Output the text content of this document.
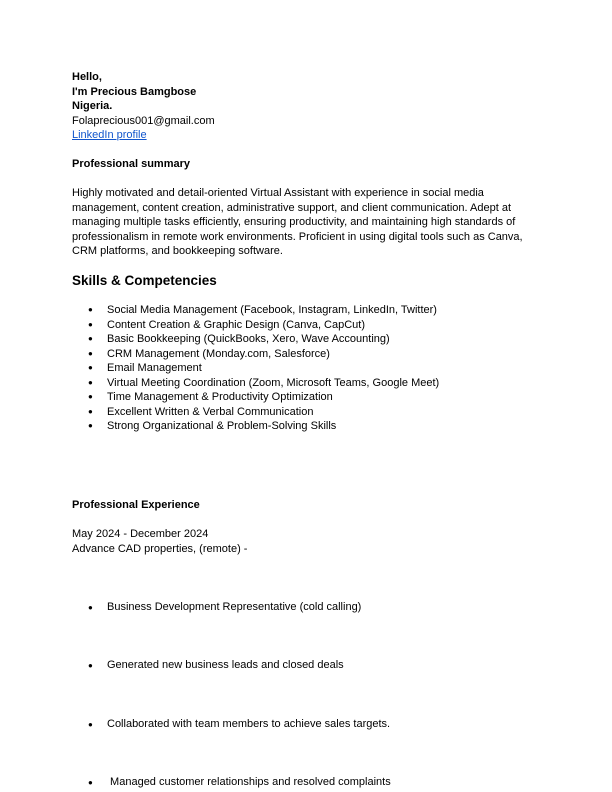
Hello,
I'm Precious Bamgbose
Nigeria.
Folaprecious001@gmail.com
LinkedIn profile
Professional summary
Highly motivated and detail-oriented Virtual Assistant with experience in social media
management, content creation, administrative support, and client communication. Adept at
managing multiple tasks efficiently, ensuring productivity, and maintaining high standards of
professionalism in remote work environments. Proficient in using digital tools such as Canva,
CRM platforms, and bookkeeping software.
Skills & Competencies
● Social Media Management (Facebook, Instagram, LinkedIn, Twitter)
● Content Creation & Graphic Design (Canva, CapCut)
● Basic Bookkeeping (QuickBooks, Xero, Wave Accounting)
● CRM Management (Monday.com, Salesforce)
● Email Management
● Virtual Meeting Coordination (Zoom, Microsoft Teams, Google Meet)
● Time Management & Productivity Optimization
● Excellent Written & Verbal Communication
● Strong Organizational & Problem-Solving Skills
Professional Experience
May 2024 - December 2024
Advance CAD properties, (remote) -

● Business Development Representative (cold calling)

● Generated new business leads and closed deals

● Collaborated with team members to achieve sales targets.

●  Managed customer relationships and resolved complaints
